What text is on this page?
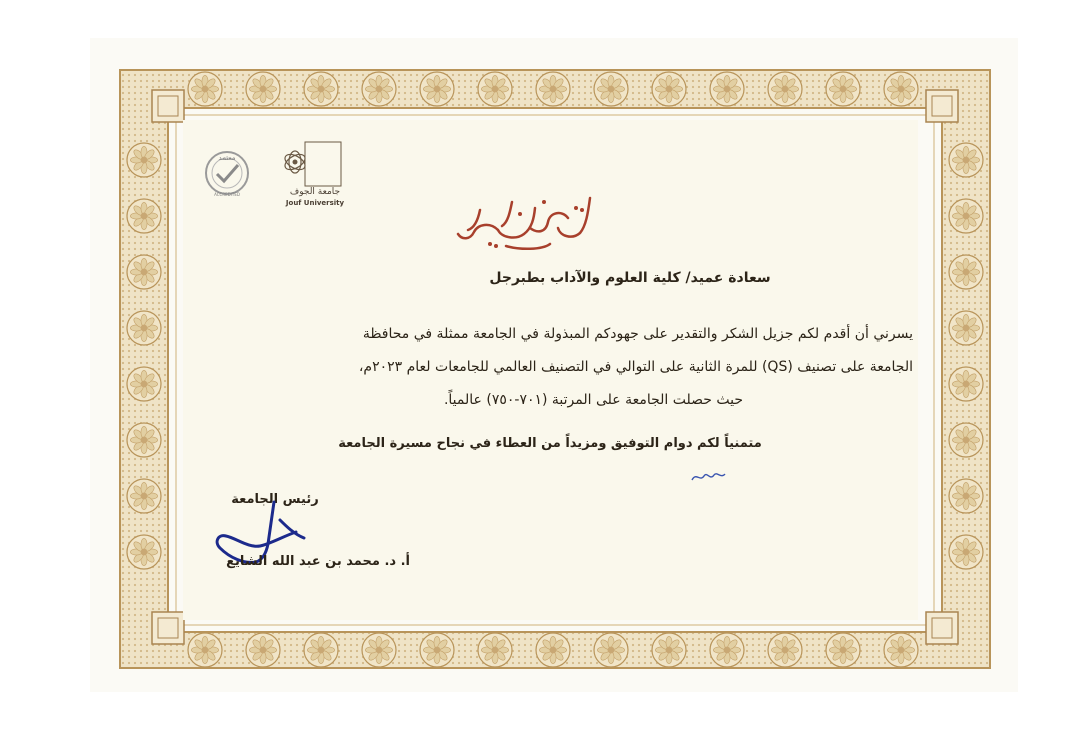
معتمد
ACCREDITED	جامعة الجوف
Jouf University
شكر وتقدير
سعادة عميد/ كلية العلوم والآداب بطبرجل
يسرني أن أقدم لكم جزيل الشكر والتقدير على جهودكم المبذولة في الجامعة ممثلة في محافظة
الجامعة على تصنيف (QS) للمرة الثانية على التوالي في التصنيف العالمي للجامعات لعام ٢٠٢٣م،
حيث حصلت الجامعة على المرتبة (٧٠١-٧٥٠) عالمياً.
متمنياً لكم دوام التوفيق ومزيداً من العطاء في نجاح مسيرة الجامعة
حمودة
رئيس الجامعة
أ. د. محمد بن عبد الله الشايع
